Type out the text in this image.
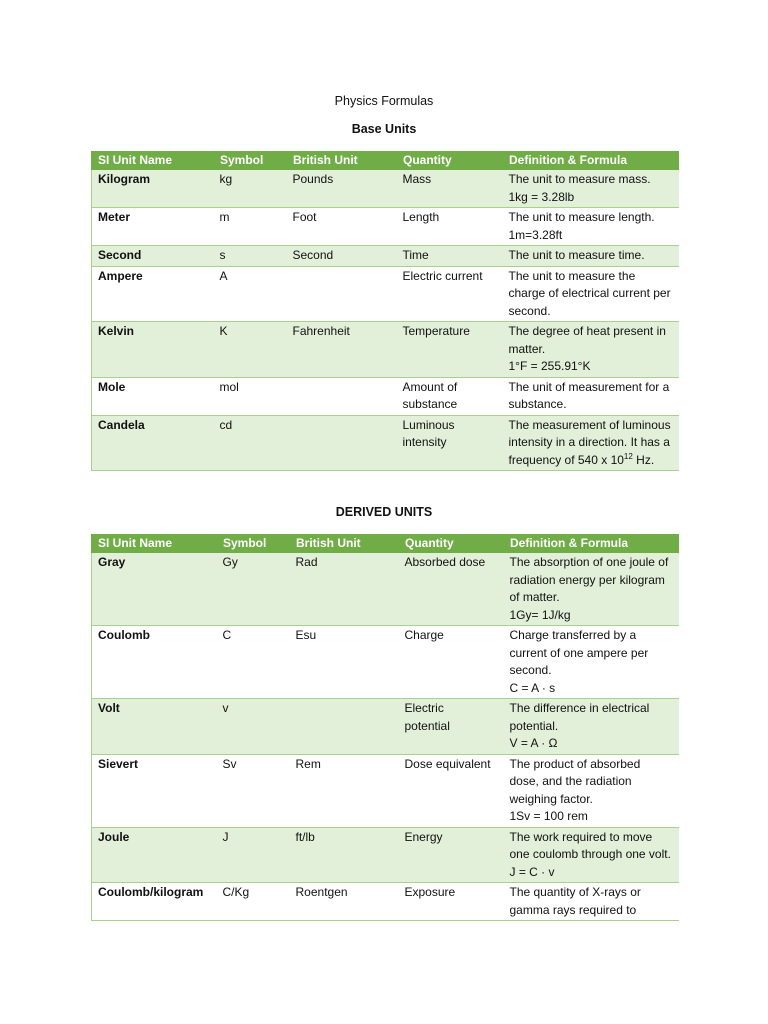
Physics Formulas
Base Units
SI Unit Name	Symbol	British Unit	Quantity	Definition & Formula
Kilogram	kg	Pounds	Mass	The unit to measure mass.
1kg = 3.28lb
Meter	m	Foot	Length	The unit to measure length.
1m=3.28ft
Second	s	Second	Time	The unit to measure time.
Ampere	A		Electric current	The unit to measure the charge of electrical current per second.
Kelvin	K	Fahrenheit	Temperature	The degree of heat present in matter.
1°F = 255.91°K
Mole	mol		Amount of
substance	The unit of measurement for a substance.
Candela	cd		Luminous
intensity	The measurement of luminous intensity in a direction. It has a frequency of 540 x $10^{12}$ Hz.
DERIVED UNITS
SI Unit Name	Symbol	British Unit	Quantity	Definition & Formula
Gray	Gy	Rad	Absorbed dose	The absorption of one joule of radiation energy per kilogram of matter.
1Gy= 1J/kg
Coulomb	C	Esu	Charge	Charge transferred by a current of one ampere per second.
C = A · s
Volt	v		Electric
potential	The difference in electrical potential.
V = A · Ω
Sievert	Sv	Rem	Dose equivalent	The product of absorbed dose, and the radiation weighing factor.
1Sv = 100 rem
Joule	J	ft/lb	Energy	The work required to move one coulomb through one volt.
J = C · v
Coulomb/kilogram	C/Kg	Roentgen	Exposure	The quantity of X-rays or gamma rays required to
